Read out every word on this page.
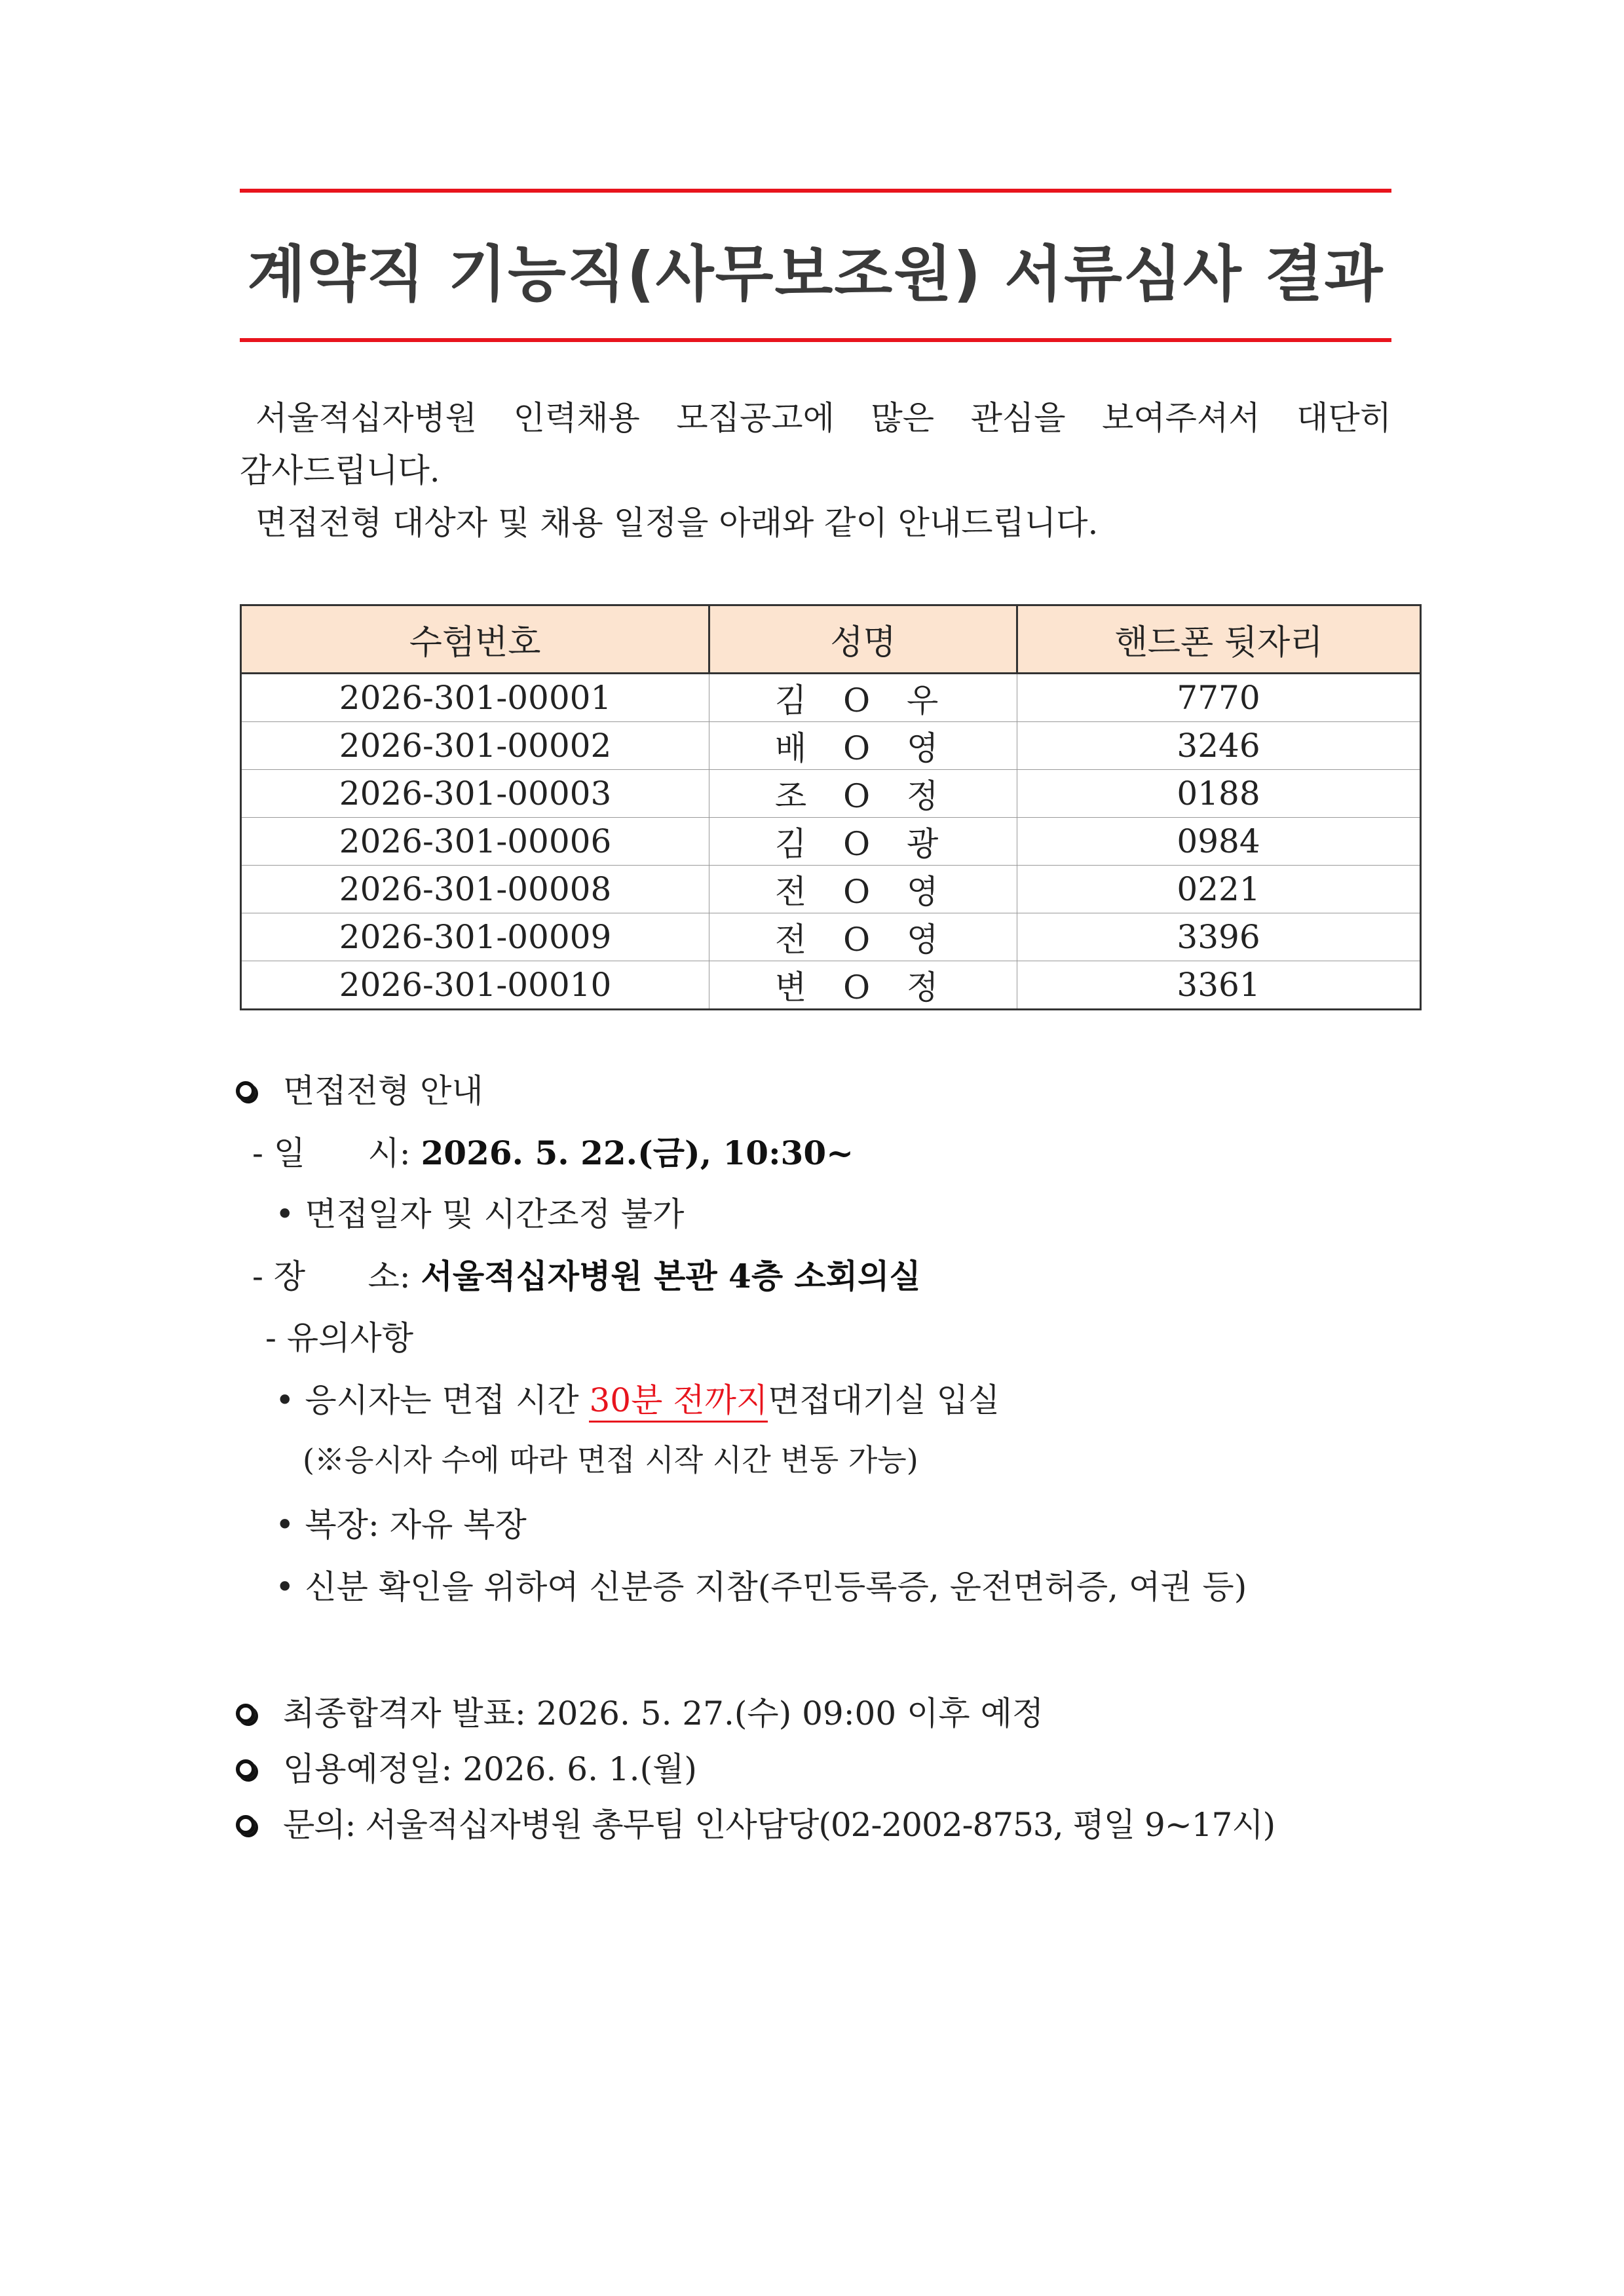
계약직 기능직(사무보조원) 서류심사 결과
서울적십자병원 인력채용 모집공고에 많은 관심을 보여주셔서 대단히
감사드립니다.
면접전형 대상자 및 채용 일정을 아래와 같이 안내드립니다.
수험번호	성명	핸드폰 뒷자리
2026-301-00001	김 O 우	7770
2026-301-00002	배 O 영	3246
2026-301-00003	조 O 정	0188
2026-301-00006	김 O 광	0984
2026-301-00008	전 O 영	0221
2026-301-00009	전 O 영	3396
2026-301-00010	변 O 정	3361
면접전형 안내
- 일      시: 2026. 5. 22.(금), 10:30~
• 면접일자 및 시간조정 불가
- 장      소: 서울적십자병원 본관 4층 소회의실
- 유의사항
• 응시자는 면접 시간 30분 전까지면접대기실 입실
(※응시자 수에 따라 면접 시작 시간 변동 가능)
• 복장: 자유 복장
• 신분 확인을 위하여 신분증 지참(주민등록증, 운전면허증, 여권 등)
최종합격자 발표: 2026. 5. 27.(수) 09:00 이후 예정
임용예정일: 2026. 6. 1.(월)
문의: 서울적십자병원 총무팀 인사담당(02-2002-8753, 평일 9~17시)
